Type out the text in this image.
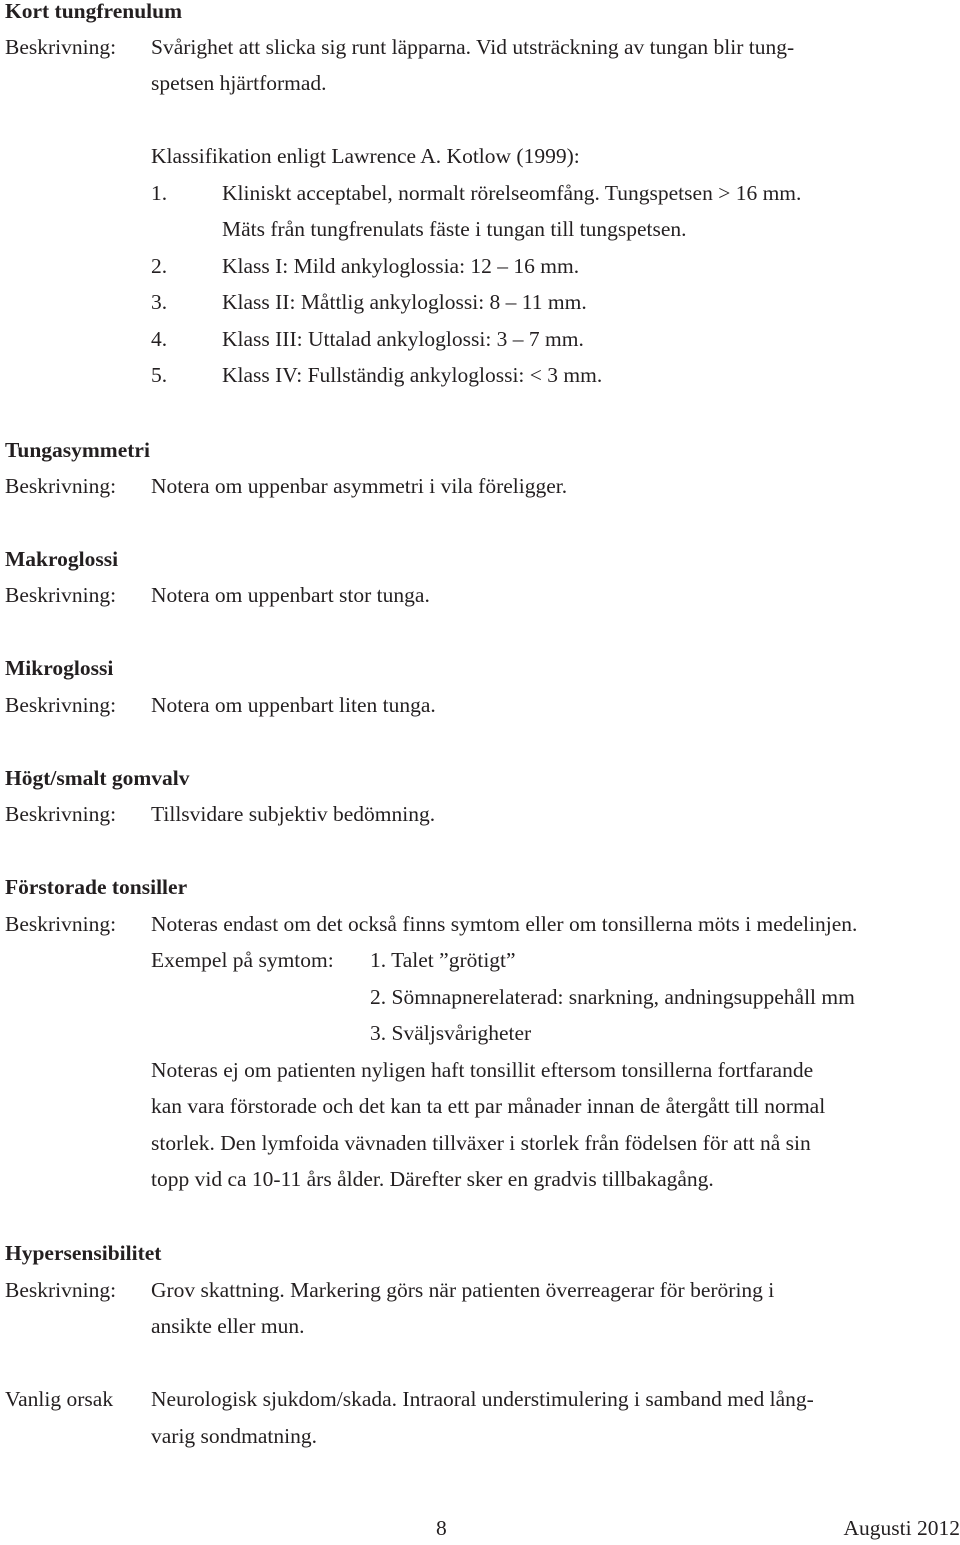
Kort tungfrenulum
Beskrivning: Svårighet att slicka sig runt läpparna. Vid utsträckning av tungan blir tung-
spetsen hjärtformad.
Klassifikation enligt Lawrence A. Kotlow (1999):
1.	Kliniskt acceptabel, normalt rörelseomfång. Tungspetsen > 16 mm.
Mäts från tungfrenulats fäste i tungan till tungspetsen.
2.	Klass I: Mild ankyloglossia: 12 – 16 mm.
3.	Klass II: Måttlig ankyloglossi: 8 – 11 mm.
4.	Klass III: Uttalad ankyloglossi: 3 – 7 mm.
5.	Klass IV: Fullständig ankyloglossi: < 3 mm.
Tungasymmetri
Beskrivning: Notera om uppenbar asymmetri i vila föreligger.
Makroglossi
Beskrivning: Notera om uppenbart stor tunga.
Mikroglossi
Beskrivning: Notera om uppenbart liten tunga.
Högt/smalt gomvalv
Beskrivning: Tillsvidare subjektiv bedömning.
Förstorade tonsiller
Beskrivning: Noteras endast om det också finns symtom eller om tonsillerna möts i medelinjen.
Exempel på symtom: 1. Talet ”grötigt”
2. Sömnapnerelaterad: snarkning, andningsuppehåll mm
3. Sväljsvårigheter
Noteras ej om patienten nyligen haft tonsillit eftersom tonsillerna fortfarande
kan vara förstorade och det kan ta ett par månader innan de återgått till normal
storlek. Den lymfoida vävnaden tillväxer i storlek från födelsen för att nå sin
topp vid ca 10-11 års ålder. Därefter sker en gradvis tillbakagång.
Hypersensibilitet
Beskrivning: Grov skattning. Markering görs när patienten överreagerar för beröring i
ansikte eller mun.
Vanlig orsak Neurologisk sjukdom/skada. Intraoral understimulering i samband med lång-
varig sondmatning.
8	Augusti 2012
